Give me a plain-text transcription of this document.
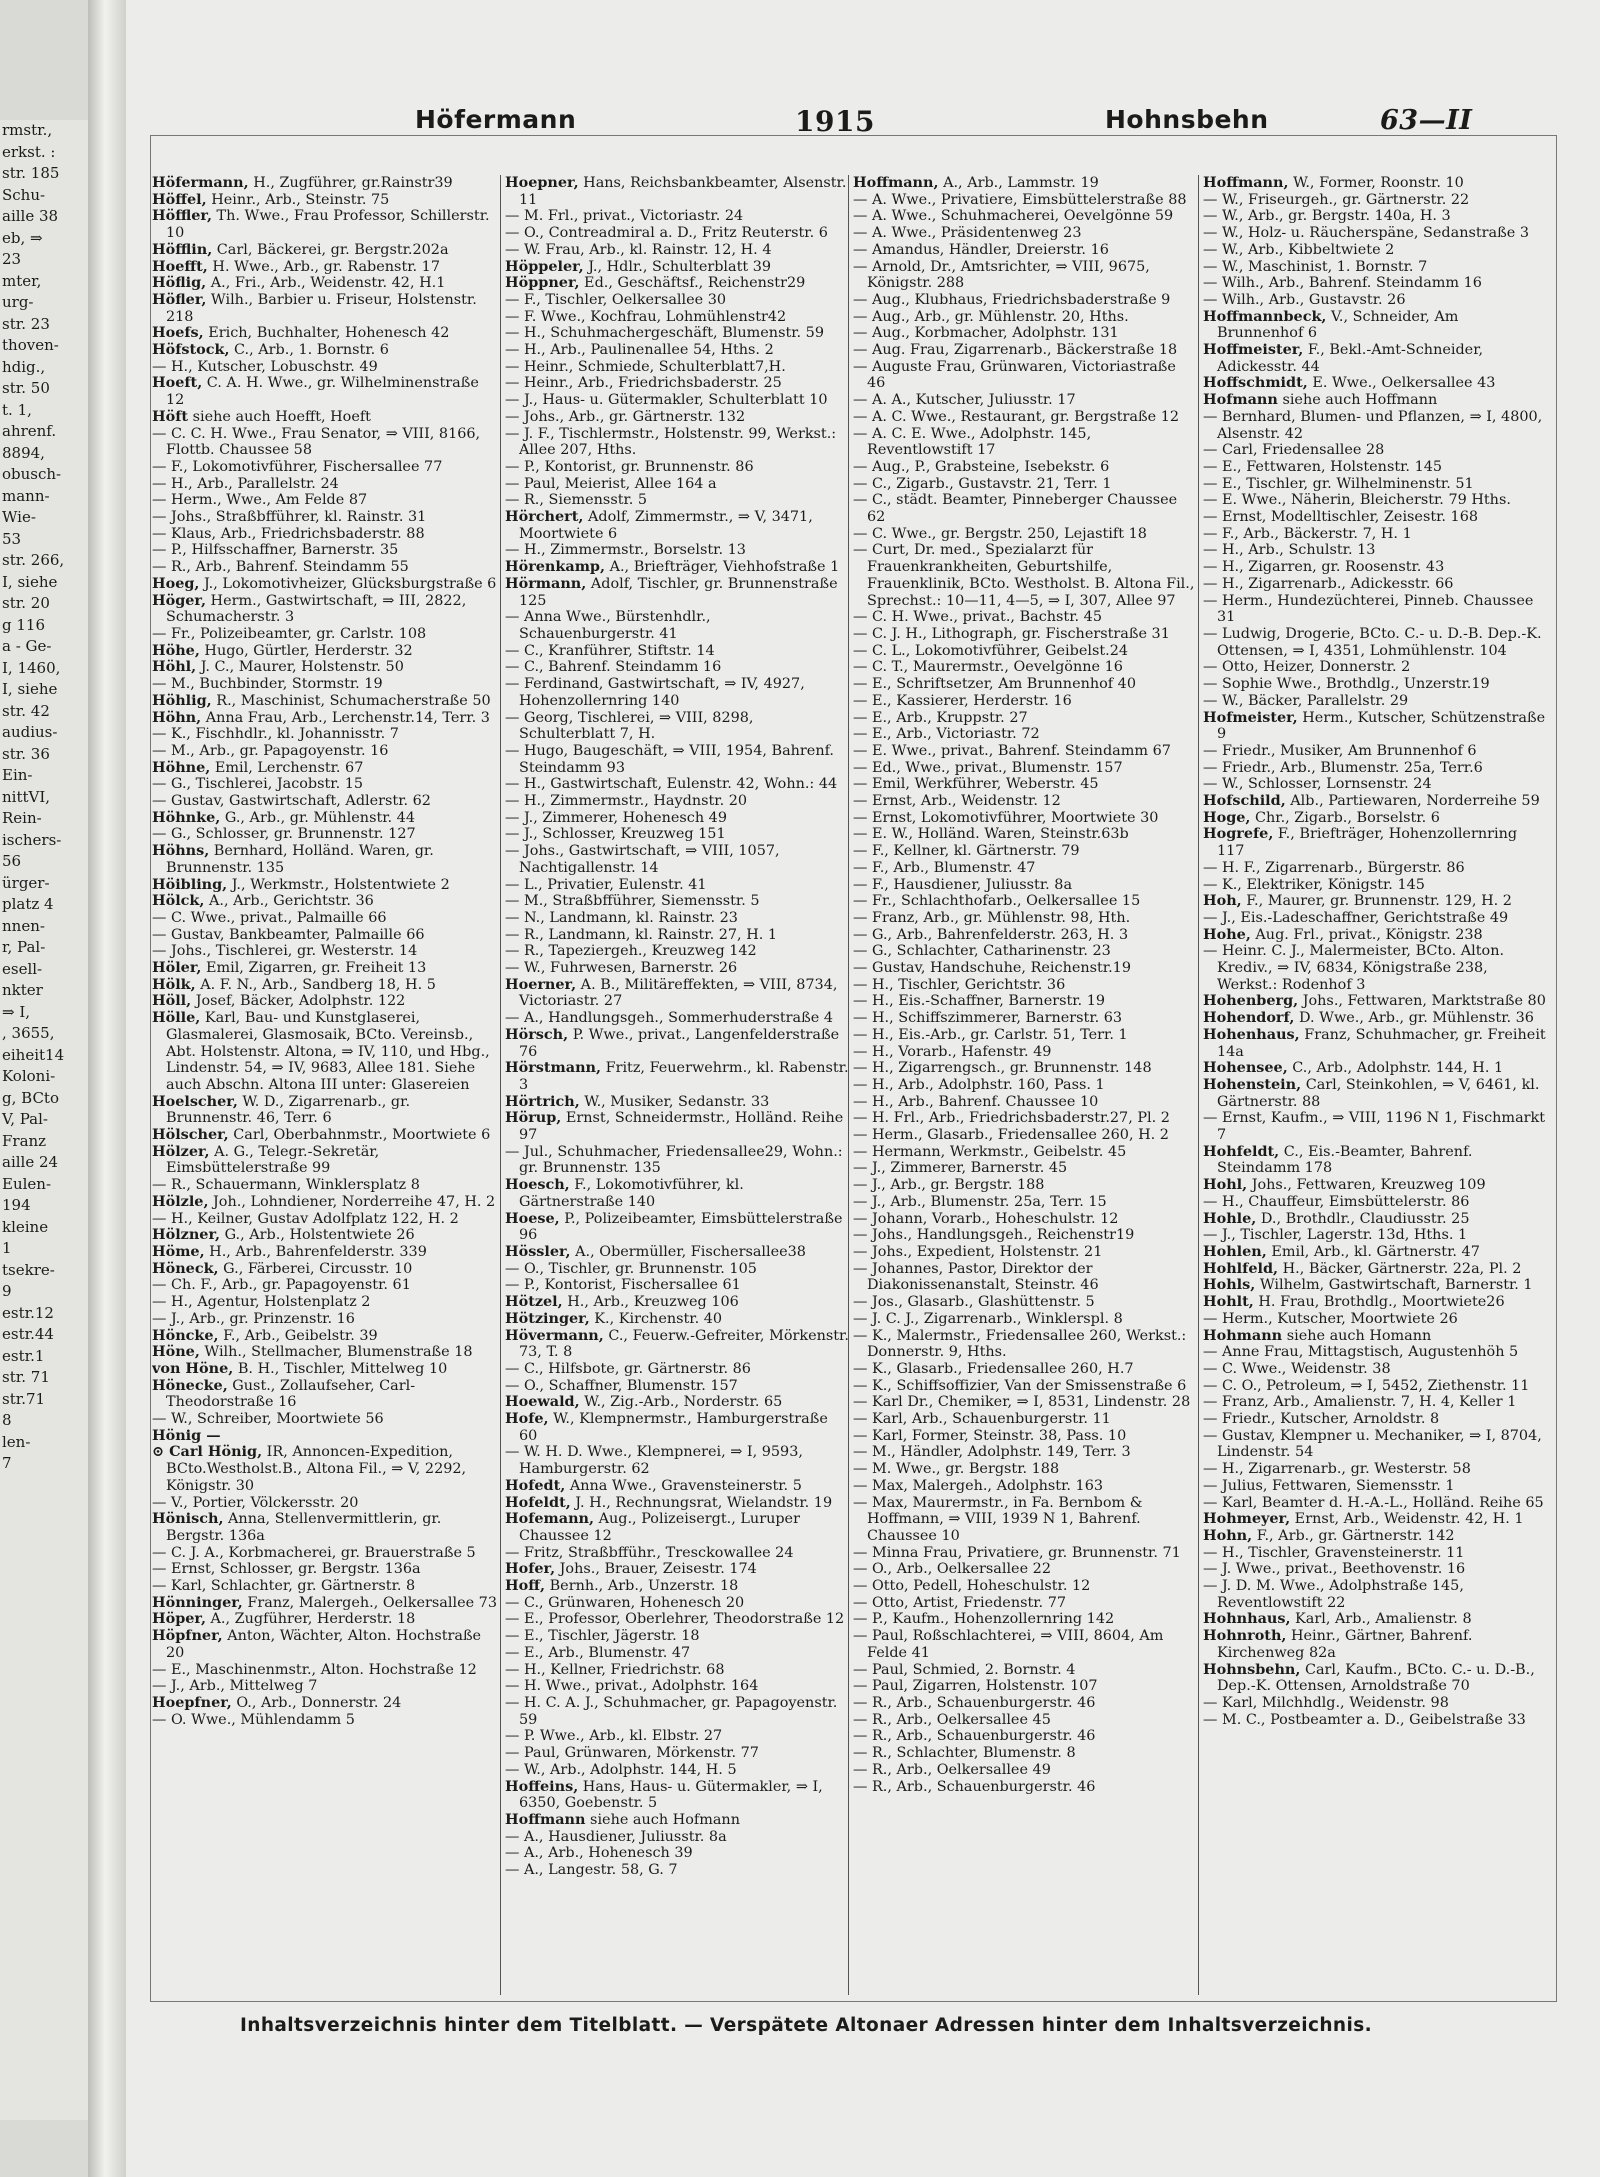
rmstr.,
erkst. :
str. 185
Schu-
aille 38
eb, ⇒
23
mter,
urg-
str. 23
thoven-
hdig.,
str. 50
t. 1,
ahrenf.
8894,
obusch-
mann-
Wie-
53
str. 266,
I, siehe
str. 20
g 116
a - Ge-
I, 1460,
I, siehe
str. 42
audius-
str. 36
Ein-
nittVI,
Rein-
ischers-
56
ürger-
platz 4
nnen-
r, Pal-
esell-
nkter
⇒ I,
, 3655,
eiheit14
Koloni-
g, BCto
V, Pal-
Franz
aille 24
Eulen-
194
kleine
1
tsekre-
9
estr.12
estr.44
estr.1
str. 71
str.71
8
len-
7
Höfermann	1915	Hohnsbehn	63—II

Höfermann, H., Zugführer, gr.Rainstr39

Höffel, Heinr., Arb., Steinstr. 75

Höffler, Th. Wwe., Frau Professor, Schillerstr. 10

Höfflin, Carl, Bäckerei, gr. Bergstr.202a

Hoefft, H. Wwe., Arb., gr. Rabenstr. 17

Höflig, A., Fri., Arb., Weidenstr. 42, H.1

Höfler, Wilh., Barbier u. Friseur, Holstenstr. 218

Hoefs, Erich, Buchhalter, Hohenesch 42

Höfstock, C., Arb., 1. Bornstr. 6

— H., Kutscher, Lobuschstr. 49

Hoeft, C. A. H. Wwe., gr. Wilhelminenstraße 12

Höft siehe auch Hoefft, Hoeft

— C. C. H. Wwe., Frau Senator, ⇒ VIII, 8166, Flottb. Chaussee 58

— F., Lokomotivführer, Fischersallee 77

— H., Arb., Parallelstr. 24

— Herm., Wwe., Am Felde 87

— Johs., Straßbfführer, kl. Rainstr. 31

— Klaus, Arb., Friedrichsbaderstr. 88

— P., Hilfsschaffner, Barnerstr. 35

— R., Arb., Bahrenf. Steindamm 55

Hoeg, J., Lokomotivheizer, Glücksburgstraße 6

Höger, Herm., Gastwirtschaft, ⇒ III, 2822, Schumacherstr. 3

— Fr., Polizeibeamter, gr. Carlstr. 108

Höhe, Hugo, Gürtler, Herderstr. 32

Höhl, J. C., Maurer, Holstenstr. 50

— M., Buchbinder, Stormstr. 19

Höhlig, R., Maschinist, Schumacherstraße 50

Höhn, Anna Frau, Arb., Lerchenstr.14, Terr. 3

— K., Fischhdlr., kl. Johannisstr. 7

— M., Arb., gr. Papagoyenstr. 16

Höhne, Emil, Lerchenstr. 67

— G., Tischlerei, Jacobstr. 15

— Gustav, Gastwirtschaft, Adlerstr. 62

Höhnke, G., Arb., gr. Mühlenstr. 44

— G., Schlosser, gr. Brunnenstr. 127

Höhns, Bernhard, Holländ. Waren, gr. Brunnenstr. 135

Höibling, J., Werkmstr., Holstentwiete 2

Hölck, A., Arb., Gerichtstr. 36

— C. Wwe., privat., Palmaille 66

— Gustav, Bankbeamter, Palmaille 66

— Johs., Tischlerei, gr. Westerstr. 14

Höler, Emil, Zigarren, gr. Freiheit 13

Hölk, A. F. N., Arb., Sandberg 18, H. 5

Höll, Josef, Bäcker, Adolphstr. 122

Hölle, Karl, Bau- und Kunstglaserei, Glasmalerei, Glasmosaik, BCto. Vereinsb., Abt. Holstenstr. Altona, ⇒ IV, 110, und Hbg., Lindenstr. 54, ⇒ IV, 9683, Allee 181. Siehe auch Abschn. Altona III unter: Glasereien

Hoelscher, W. D., Zigarrenarb., gr. Brunnenstr. 46, Terr. 6

Hölscher, Carl, Oberbahnmstr., Moortwiete 6

Hölzer, A. G., Telegr.-Sekretär, Eimsbüttelerstraße 99

— R., Schauermann, Winklersplatz 8

Hölzle, Joh., Lohndiener, Norderreihe 47, H. 2

— H., Keilner, Gustav Adolfplatz 122, H. 2

Hölzner, G., Arb., Holstentwiete 26

Höme, H., Arb., Bahrenfelderstr. 339

Höneck, G., Färberei, Circusstr. 10

— Ch. F., Arb., gr. Papagoyenstr. 61

— H., Agentur, Holstenplatz 2

— J., Arb., gr. Prinzenstr. 16

Höncke, F., Arb., Geibelstr. 39

Höne, Wilh., Stellmacher, Blumenstraße 18

von Höne, B. H., Tischler, Mittelweg 10

Hönecke, Gust., Zollaufseher, Carl-Theodorstraße 16

— W., Schreiber, Moortwiete 56

Hönig —

⊙ Carl Hönig, IR, Annoncen-Expedition, BCto.Westholst.B., Altona Fil., ⇒ V, 2292, Königstr. 30

— V., Portier, Völckersstr. 20

Hönisch, Anna, Stellenvermittlerin, gr. Bergstr. 136a

— C. J. A., Korbmacherei, gr. Brauerstraße 5

— Ernst, Schlosser, gr. Bergstr. 136a

— Karl, Schlachter, gr. Gärtnerstr. 8

Hönninger, Franz, Malergeh., Oelkersallee 73

Höper, A., Zugführer, Herderstr. 18

Höpfner, Anton, Wächter, Alton. Hochstraße 20

— E., Maschinenmstr., Alton. Hochstraße 12

— J., Arb., Mittelweg 7

Hoepfner, O., Arb., Donnerstr. 24

— O. Wwe., Mühlendamm 5

Hoepner, Hans, Reichsbankbeamter, Alsenstr. 11

— M. Frl., privat., Victoriastr. 24

— O., Contreadmiral a. D., Fritz Reuterstr. 6

— W. Frau, Arb., kl. Rainstr. 12, H. 4

Höppeler, J., Hdlr., Schulterblatt 39

Höppner, Ed., Geschäftsf., Reichenstr29

— F., Tischler, Oelkersallee 30

— F. Wwe., Kochfrau, Lohmühlenstr42

— H., Schuhmachergeschäft, Blumenstr. 59

— H., Arb., Paulinenallee 54, Hths. 2

— Heinr., Schmiede, Schulterblatt7,H.

— Heinr., Arb., Friedrichsbaderstr. 25

— J., Haus- u. Gütermakler, Schulterblatt 10

— Johs., Arb., gr. Gärtnerstr. 132

— J. F., Tischlermstr., Holstenstr. 99, Werkst.: Allee 207, Hths.

— P., Kontorist, gr. Brunnenstr. 86

— Paul, Meierist, Allee 164 a

— R., Siemensstr. 5

Hörchert, Adolf, Zimmermstr., ⇒ V, 3471, Moortwiete 6

— H., Zimmermstr., Borselstr. 13

Hörenkamp, A., Briefträger, Viehhofstraße 1

Hörmann, Adolf, Tischler, gr. Brunnenstraße 125

— Anna Wwe., Bürstenhdlr., Schauenburgerstr. 41

— C., Kranführer, Stiftstr. 14

— C., Bahrenf. Steindamm 16

— Ferdinand, Gastwirtschaft, ⇒ IV, 4927, Hohenzollernring 140

— Georg, Tischlerei, ⇒ VIII, 8298, Schulterblatt 7, H.

— Hugo, Baugeschäft, ⇒ VIII, 1954, Bahrenf. Steindamm 93

— H., Gastwirtschaft, Eulenstr. 42, Wohn.: 44

— H., Zimmermstr., Haydnstr. 20

— J., Zimmerer, Hohenesch 49

— J., Schlosser, Kreuzweg 151

— Johs., Gastwirtschaft, ⇒ VIII, 1057, Nachtigallenstr. 14

— L., Privatier, Eulenstr. 41

— M., Straßbfführer, Siemensstr. 5

— N., Landmann, kl. Rainstr. 23

— R., Landmann, kl. Rainstr. 27, H. 1

— R., Tapeziergeh., Kreuzweg 142

— W., Fuhrwesen, Barnerstr. 26

Hoerner, A. B., Militäreffekten, ⇒ VIII, 8734, Victoriastr. 27

— A., Handlungsgeh., Sommerhuderstraße 4

Hörsch, P. Wwe., privat., Langenfelderstraße 76

Hörstmann, Fritz, Feuerwehrm., kl. Rabenstr. 3

Hörtrich, W., Musiker, Sedanstr. 33

Hörup, Ernst, Schneidermstr., Holländ. Reihe 97

— Jul., Schuhmacher, Friedensallee29, Wohn.: gr. Brunnenstr. 135

Hoesch, F., Lokomotivführer, kl. Gärtnerstraße 140

Hoese, P., Polizeibeamter, Eimsbüttelerstraße 96

Hössler, A., Obermüller, Fischersallee38

— O., Tischler, gr. Brunnenstr. 105

— P., Kontorist, Fischersallee 61

Hötzel, H., Arb., Kreuzweg 106

Hötzinger, K., Kirchenstr. 40

Hövermann, C., Feuerw.-Gefreiter, Mörkenstr. 73, T. 8

— C., Hilfsbote, gr. Gärtnerstr. 86

— O., Schaffner, Blumenstr. 157

Hoewald, W., Zig.-Arb., Norderstr. 65

Hofe, W., Klempnermstr., Hamburgerstraße 60

— W. H. D. Wwe., Klempnerei, ⇒ I, 9593, Hamburgerstr. 62

Hofedt, Anna Wwe., Gravensteinerstr. 5

Hofeldt, J. H., Rechnungsrat, Wielandstr. 19

Hofemann, Aug., Polizeisergt., Luruper Chaussee 12

— Fritz, Straßbfführ., Tresckowallee 24

Hofer, Johs., Brauer, Zeisestr. 174

Hoff, Bernh., Arb., Unzerstr. 18

— C., Grünwaren, Hohenesch 20

— E., Professor, Oberlehrer, Theodorstraße 12

— E., Tischler, Jägerstr. 18

— E., Arb., Blumenstr. 47

— H., Kellner, Friedrichstr. 68

— H. Wwe., privat., Adolphstr. 164

— H. C. A. J., Schuhmacher, gr. Papagoyenstr. 59

— P. Wwe., Arb., kl. Elbstr. 27

— Paul, Grünwaren, Mörkenstr. 77

— W., Arb., Adolphstr. 144, H. 5

Hoffeins, Hans, Haus- u. Gütermakler, ⇒ I, 6350, Goebenstr. 5

Hoffmann siehe auch Hofmann

— A., Hausdiener, Juliusstr. 8a

— A., Arb., Hohenesch 39

— A., Langestr. 58, G. 7

Hoffmann, A., Arb., Lammstr. 19

— A. Wwe., Privatiere, Eimsbüttelerstraße 88

— A. Wwe., Schuhmacherei, Oevelgönne 59

— A. Wwe., Präsidentenweg 23

— Amandus, Händler, Dreierstr. 16

— Arnold, Dr., Amtsrichter, ⇒ VIII, 9675, Königstr. 288

— Aug., Klubhaus, Friedrichsbaderstraße 9

— Aug., Arb., gr. Mühlenstr. 20, Hths.

— Aug., Korbmacher, Adolphstr. 131

— Aug. Frau, Zigarrenarb., Bäckerstraße 18

— Auguste Frau, Grünwaren, Victoriastraße 46

— A. A., Kutscher, Juliusstr. 17

— A. C. Wwe., Restaurant, gr. Bergstraße 12

— A. C. E. Wwe., Adolphstr. 145, Reventlowstift 17

— Aug., P., Grabsteine, Isebekstr. 6

— C., Zigarb., Gustavstr. 21, Terr. 1

— C., städt. Beamter, Pinneberger Chaussee 62

— C. Wwe., gr. Bergstr. 250, Lejastift 18

— Curt, Dr. med., Spezialarzt für Frauenkrankheiten, Geburtshilfe, Frauenklinik, BCto. Westholst. B. Altona Fil., Sprechst.: 10—11, 4—5, ⇒ I, 307, Allee 97

— C. H. Wwe., privat., Bachstr. 45

— C. J. H., Lithograph, gr. Fischerstraße 31

— C. L., Lokomotivführer, Geibelst.24

— C. T., Maurermstr., Oevelgönne 16

— E., Schriftsetzer, Am Brunnenhof 40

— E., Kassierer, Herderstr. 16

— E., Arb., Kruppstr. 27

— E., Arb., Victoriastr. 72

— E. Wwe., privat., Bahrenf. Steindamm 67

— Ed., Wwe., privat., Blumenstr. 157

— Emil, Werkführer, Weberstr. 45

— Ernst, Arb., Weidenstr. 12

— Ernst, Lokomotivführer, Moortwiete 30

— E. W., Holländ. Waren, Steinstr.63b

— F., Kellner, kl. Gärtnerstr. 79

— F., Arb., Blumenstr. 47

— F., Hausdiener, Juliusstr. 8a

— Fr., Schlachthofarb., Oelkersallee 15

— Franz, Arb., gr. Mühlenstr. 98, Hth.

— G., Arb., Bahrenfelderstr. 263, H. 3

— G., Schlachter, Catharinenstr. 23

— Gustav, Handschuhe, Reichenstr.19

— H., Tischler, Gerichtstr. 36

— H., Eis.-Schaffner, Barnerstr. 19

— H., Schiffszimmerer, Barnerstr. 63

— H., Eis.-Arb., gr. Carlstr. 51, Terr. 1

— H., Vorarb., Hafenstr. 49

— H., Zigarrengsch., gr. Brunnenstr. 148

— H., Arb., Adolphstr. 160, Pass. 1

— H., Arb., Bahrenf. Chaussee 10

— H. Frl., Arb., Friedrichsbaderstr.27, Pl. 2

— Herm., Glasarb., Friedensallee 260, H. 2

— Hermann, Werkmstr., Geibelstr. 45

— J., Zimmerer, Barnerstr. 45

— J., Arb., gr. Bergstr. 188

— J., Arb., Blumenstr. 25a, Terr. 15

— Johann, Vorarb., Hoheschulstr. 12

— Johs., Handlungsgeh., Reichenstr19

— Johs., Expedient, Holstenstr. 21

— Johannes, Pastor, Direktor der Diakonissenanstalt, Steinstr. 46

— Jos., Glasarb., Glashüttenstr. 5

— J. C. J., Zigarrenarb., Winklerspl. 8

— K., Malermstr., Friedensallee 260, Werkst.: Donnerstr. 9, Hths.

— K., Glasarb., Friedensallee 260, H.7

— K., Schiffsoffizier, Van der Smissenstraße 6

— Karl Dr., Chemiker, ⇒ I, 8531, Lindenstr. 28

— Karl, Arb., Schauenburgerstr. 11

— Karl, Former, Steinstr. 38, Pass. 10

— M., Händler, Adolphstr. 149, Terr. 3

— M. Wwe., gr. Bergstr. 188

— Max, Malergeh., Adolphstr. 163

— Max, Maurermstr., in Fa. Bernbom & Hoffmann, ⇒ VIII, 1939 N 1, Bahrenf. Chaussee 10

— Minna Frau, Privatiere, gr. Brunnenstr. 71

— O., Arb., Oelkersallee 22

— Otto, Pedell, Hoheschulstr. 12

— Otto, Artist, Friedenstr. 77

— P., Kaufm., Hohenzollernring 142

— Paul, Roßschlachterei, ⇒ VIII, 8604, Am Felde 41

— Paul, Schmied, 2. Bornstr. 4

— Paul, Zigarren, Holstenstr. 107

— R., Arb., Schauenburgerstr. 46

— R., Arb., Oelkersallee 45

— R., Arb., Schauenburgerstr. 46

— R., Schlachter, Blumenstr. 8

— R., Arb., Oelkersallee 49

— R., Arb., Schauenburgerstr. 46

Hoffmann, W., Former, Roonstr. 10

— W., Friseurgeh., gr. Gärtnerstr. 22

— W., Arb., gr. Bergstr. 140a, H. 3

— W., Holz- u. Räucherspäne, Sedanstraße 3

— W., Arb., Kibbeltwiete 2

— W., Maschinist, 1. Bornstr. 7

— Wilh., Arb., Bahrenf. Steindamm 16

— Wilh., Arb., Gustavstr. 26

Hoffmannbeck, V., Schneider, Am Brunnenhof 6

Hoffmeister, F., Bekl.-Amt-Schneider, Adickesstr. 44

Hoffschmidt, E. Wwe., Oelkersallee 43

Hofmann siehe auch Hoffmann

— Bernhard, Blumen- und Pflanzen, ⇒ I, 4800, Alsenstr. 42

— Carl, Friedensallee 28

— E., Fettwaren, Holstenstr. 145

— E., Tischler, gr. Wilhelminenstr. 51

— E. Wwe., Näherin, Bleicherstr. 79 Hths.

— Ernst, Modelltischler, Zeisestr. 168

— F., Arb., Bäckerstr. 7, H. 1

— H., Arb., Schulstr. 13

— H., Zigarren, gr. Roosenstr. 43

— H., Zigarrenarb., Adickesstr. 66

— Herm., Hundezüchterei, Pinneb. Chaussee 31

— Ludwig, Drogerie, BCto. C.- u. D.-B. Dep.-K. Ottensen, ⇒ I, 4351, Lohmühlenstr. 104

— Otto, Heizer, Donnerstr. 2

— Sophie Wwe., Brothdlg., Unzerstr.19

— W., Bäcker, Parallelstr. 29

Hofmeister, Herm., Kutscher, Schützenstraße 9

— Friedr., Musiker, Am Brunnenhof 6

— Friedr., Arb., Blumenstr. 25a, Terr.6

— W., Schlosser, Lornsenstr. 24

Hofschild, Alb., Partiewaren, Norderreihe 59

Hoge, Chr., Zigarb., Borselstr. 6

Hogrefe, F., Briefträger, Hohenzollernring 117

— H. F., Zigarrenarb., Bürgerstr. 86

— K., Elektriker, Königstr. 145

Hoh, F., Maurer, gr. Brunnenstr. 129, H. 2

— J., Eis.-Ladeschaffner, Gerichtstraße 49

Hohe, Aug. Frl., privat., Königstr. 238

— Heinr. C. J., Malermeister, BCto. Alton. Krediv., ⇒ IV, 6834, Königstraße 238, Werkst.: Rodenhof 3

Hohenberg, Johs., Fettwaren, Marktstraße 80

Hohendorf, D. Wwe., Arb., gr. Mühlenstr. 36

Hohenhaus, Franz, Schuhmacher, gr. Freiheit 14a

Hohensee, C., Arb., Adolphstr. 144, H. 1

Hohenstein, Carl, Steinkohlen, ⇒ V, 6461, kl. Gärtnerstr. 88

— Ernst, Kaufm., ⇒ VIII, 1196 N 1, Fischmarkt 7

Hohfeldt, C., Eis.-Beamter, Bahrenf. Steindamm 178

Hohl, Johs., Fettwaren, Kreuzweg 109

— H., Chauffeur, Eimsbüttelerstr. 86

Hohle, D., Brothdlr., Claudiusstr. 25

— J., Tischler, Lagerstr. 13d, Hths. 1

Hohlen, Emil, Arb., kl. Gärtnerstr. 47

Hohlfeld, H., Bäcker, Gärtnerstr. 22a, Pl. 2

Hohls, Wilhelm, Gastwirtschaft, Barnerstr. 1

Hohlt, H. Frau, Brothdlg., Moortwiete26

— Herm., Kutscher, Moortwiete 26

Hohmann siehe auch Homann

— Anne Frau, Mittagstisch, Augustenhöh 5

— C. Wwe., Weidenstr. 38

— C. O., Petroleum, ⇒ I, 5452, Ziethenstr. 11

— Franz, Arb., Amalienstr. 7, H. 4, Keller 1

— Friedr., Kutscher, Arnoldstr. 8

— Gustav, Klempner u. Mechaniker, ⇒ I, 8704, Lindenstr. 54

— H., Zigarrenarb., gr. Westerstr. 58

— Julius, Fettwaren, Siemensstr. 1

— Karl, Beamter d. H.-A.-L., Holländ. Reihe 65

Hohmeyer, Ernst, Arb., Weidenstr. 42, H. 1

Hohn, F., Arb., gr. Gärtnerstr. 142

— H., Tischler, Gravensteinerstr. 11

— J. Wwe., privat., Beethovenstr. 16

— J. D. M. Wwe., Adolphstraße 145, Reventlowstift 22

Hohnhaus, Karl, Arb., Amalienstr. 8

Hohnroth, Heinr., Gärtner, Bahrenf. Kirchenweg 82a

Hohnsbehn, Carl, Kaufm., BCto. C.- u. D.-B., Dep.-K. Ottensen, Arnoldstraße 70

— Karl, Milchhdlg., Weidenstr. 98

— M. C., Postbeamter a. D., Geibelstraße 33

Inhaltsverzeichnis hinter dem Titelblatt. — Verspätete Altonaer Adressen hinter dem Inhaltsverzeichnis.
